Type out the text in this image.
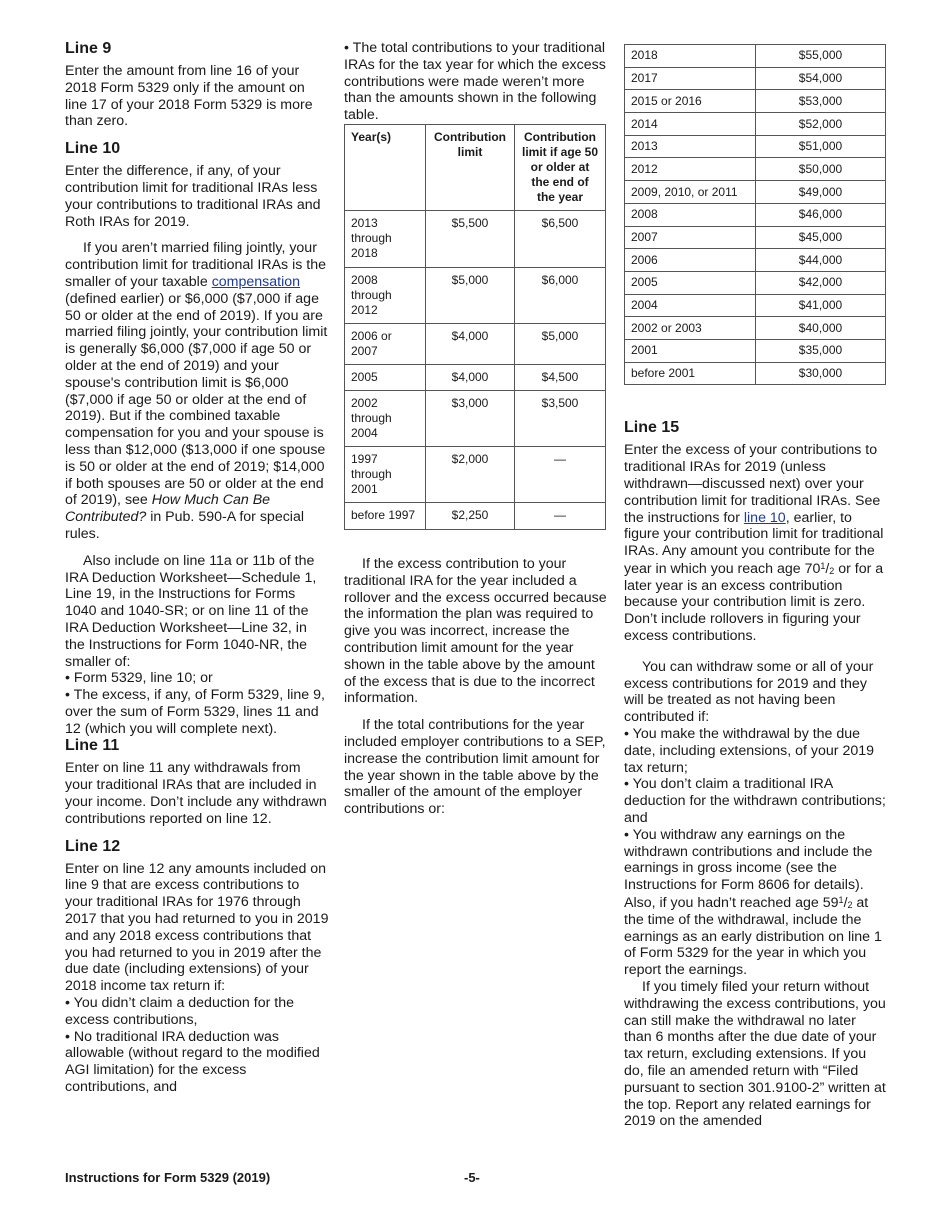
Line 9

Enter the amount from line 16 of your 2018 Form 5329 only if the amount on line 17 of your 2018 Form 5329 is more than zero.

Line 10

Enter the difference, if any, of your contribution limit for traditional IRAs less your contributions to traditional IRAs and Roth IRAs for 2019.

If you aren’t married filing jointly, your contribution limit for traditional IRAs is the smaller of your taxable compensation (defined earlier) or $6,000 ($7,000 if age 50 or older at the end of 2019). If you are married filing jointly, your contribution limit is generally $6,000 ($7,000 if age 50 or older at the end of 2019) and your spouse's contribution limit is $6,000 ($7,000 if age 50 or older at the end of 2019). But if the combined taxable compensation for you and your spouse is less than $12,000 ($13,000 if one spouse is 50 or older at the end of 2019; $14,000 if both spouses are 50 or older at the end of 2019), see How Much Can Be Contributed? in Pub. 590-A for special rules.

Also include on line 11a or 11b of the IRA Deduction Worksheet—Schedule 1, Line 19, in the Instructions for Forms 1040 and 1040-SR; or on line 11 of the IRA Deduction Worksheet—Line 32, in the Instructions for Form 1040-NR, the smaller of:

• Form 5329, line 10; or

• The excess, if any, of Form 5329, line 9, over the sum of Form 5329, lines 11 and 12 (which you will complete next).

Line 11

Enter on line 11 any withdrawals from your traditional IRAs that are included in your income. Don’t include any withdrawn contributions reported on line 12.

Line 12

Enter on line 12 any amounts included on line 9 that are excess contributions to your traditional IRAs for 1976 through 2017 that you had returned to you in 2019 and any 2018 excess contributions that you had returned to you in 2019 after the due date (including extensions) of your 2018 income tax return if:

• You didn’t claim a deduction for the excess contributions,

• No traditional IRA deduction was allowable (without regard to the modified AGI limitation) for the excess contributions, and

• The total contributions to your traditional IRAs for the tax year for which the excess contributions were made weren’t more than the amounts shown in the following table.

Year(s)	Contribution limit	Contribution limit if age 50 or older at the end of the year
2013 through 2018	$5,500	$6,500
2008 through 2012	$5,000	$6,000
2006 or 2007	$4,000	$5,000
2005	$4,000	$4,500
2002 through 2004	$3,000	$3,500
1997 through 2001	$2,000	—
before 1997	$2,250	—

If the excess contribution to your traditional IRA for the year included a rollover and the excess occurred because the information the plan was required to give you was incorrect, increase the contribution limit amount for the year shown in the table above by the amount of the excess that is due to the incorrect information.

If the total contributions for the year included employer contributions to a SEP, increase the contribution limit amount for the year shown in the table above by the smaller of the amount of the employer contributions or:

2018	$55,000
2017	$54,000
2015 or 2016	$53,000
2014	$52,000
2013	$51,000
2012	$50,000
2009, 2010, or 2011	$49,000
2008	$46,000
2007	$45,000
2006	$44,000
2005	$42,000
2004	$41,000
2002 or 2003	$40,000
2001	$35,000
before 2001	$30,000
Line 15

Enter the excess of your contributions to traditional IRAs for 2019 (unless withdrawn—discussed next) over your contribution limit for traditional IRAs. See the instructions for line 10, earlier, to figure your contribution limit for traditional IRAs. Any amount you contribute for the year in which you reach age $70^1/_2$ or for a later year is an excess contribution because your contribution limit is zero. Don’t include rollovers in figuring your excess contributions.

You can withdraw some or all of your excess contributions for 2019 and they will be treated as not having been contributed if:

• You make the withdrawal by the due date, including extensions, of your 2019 tax return;

• You don’t claim a traditional IRA deduction for the withdrawn contributions; and

• You withdraw any earnings on the withdrawn contributions and include the earnings in gross income (see the Instructions for Form 8606 for details). Also, if you hadn’t reached age $59^1/_2$ at the time of the withdrawal, include the earnings as an early distribution on line 1 of Form 5329 for the year in which you report the earnings.

If you timely filed your return without withdrawing the excess contributions, you can still make the withdrawal no later than 6 months after the due date of your tax return, excluding extensions. If you do, file an amended return with “Filed pursuant to section 301.9100-2” written at the top. Report any related earnings for 2019 on the amended

Instructions for Form 5329 (2019)	-5-
